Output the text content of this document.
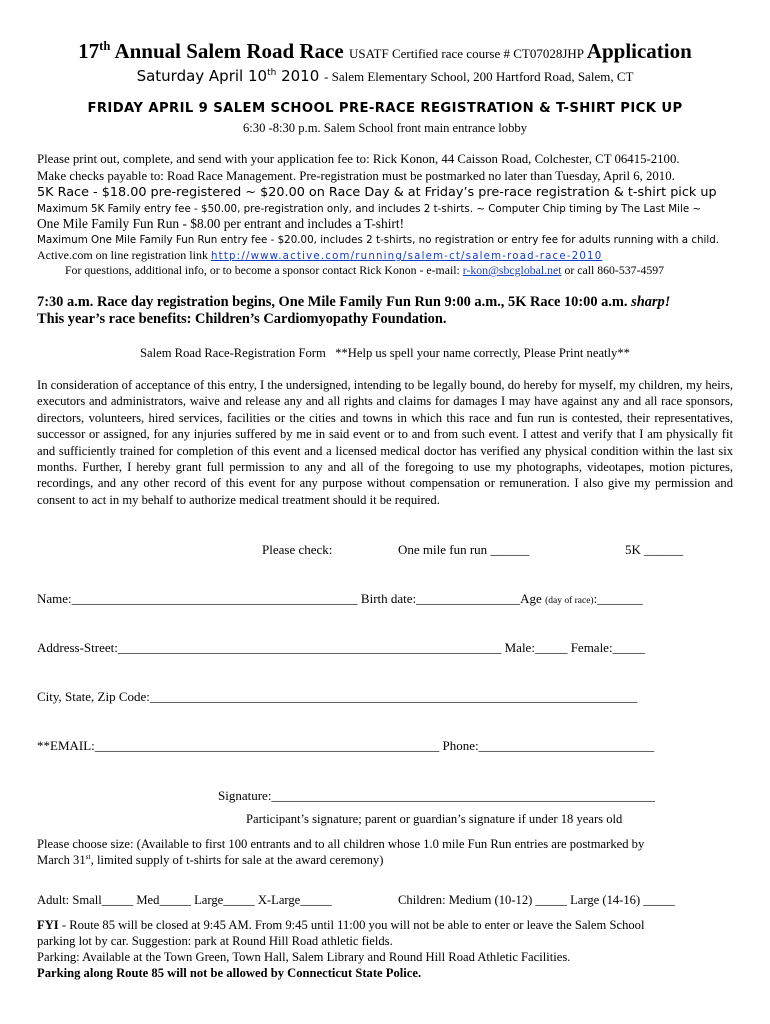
17th Annual Salem Road Race USATF Certified race course # CT07028JHP Application
Saturday April 10th 2010 - Salem Elementary School, 200 Hartford Road, Salem, CT
FRIDAY APRIL 9 SALEM SCHOOL PRE-RACE REGISTRATION & T-SHIRT PICK UP
6:30 -8:30 p.m. Salem School front main entrance lobby
Please print out, complete, and send with your application fee to: Rick Konon, 44 Caisson Road, Colchester, CT 06415-2100.
Make checks payable to: Road Race Management. Pre-registration must be postmarked no later than Tuesday, April 6, 2010.
5K Race - $18.00 pre-registered ~ $20.00 on Race Day & at Friday’s pre-race registration & t-shirt pick up
Maximum 5K Family entry fee - $50.00, pre-registration only, and includes 2 t-shirts. ~ Computer Chip timing by The Last Mile ~
One Mile Family Fun Run - $8.00 per entrant and includes a T-shirt!
Maximum One Mile Family Fun Run entry fee - $20.00, includes 2 t-shirts, no registration or entry fee for adults running with a child.
Active.com on line registration link http://www.active.com/running/salem-ct/salem-road-race-2010
For questions, additional info, or to become a sponsor contact Rick Konon - e-mail: r-kon@sbcglobal.net or call 860-537-4597
7:30 a.m. Race day registration begins, One Mile Family Fun Run 9:00 a.m., 5K Race 10:00 a.m. sharp!
This year’s race benefits: Children’s Cardiomyopathy Foundation.
Salem Road Race-Registration Form   **Help us spell your name correctly, Please Print neatly**
In consideration of acceptance of this entry, I the undersigned, intending to be legally bound, do hereby for myself, my children, my heirs, executors and administrators, waive and release any and all rights and claims for damages I may have against any and all race sponsors, directors, volunteers, hired services, facilities or the cities and towns in which this race and fun run is contested, their representatives, successor or assigned, for any injuries suffered by me in said event or to and from such event. I attest and verify that I am physically fit and sufficiently trained for completion of this event and a licensed medical doctor has verified any physical condition within the last six months. Further, I hereby grant full permission to any and all of the foregoing to use my photographs, videotapes, motion pictures, recordings, and any other record of this event for any purpose without compensation or remuneration. I also give my permission and consent to act in my behalf to authorize medical treatment should it be required.
Please check:	One mile fun run ______	5K ______
Name:____________________________________________ Birth date:________________Age (day of race):_______
Address-Street:___________________________________________________________ Male:_____ Female:_____
City, State, Zip Code:___________________________________________________________________________
**EMAIL:_____________________________________________________ Phone:___________________________
Signature:___________________________________________________________
Participant’s signature; parent or guardian’s signature if under 18 years old
Please choose size: (Available to first 100 entrants and to all children whose 1.0 mile Fun Run entries are postmarked by
March 31st, limited supply of t-shirts for sale at the award ceremony)
Adult: Small_____ Med_____ Large_____ X-Large_____	Children: Medium (10-12) _____ Large (14-16) _____
FYI - Route 85 will be closed at 9:45 AM. From 9:45 until 11:00 you will not be able to enter or leave the Salem School
parking lot by car. Suggestion: park at Round Hill Road athletic fields.
Parking: Available at the Town Green, Town Hall, Salem Library and Round Hill Road Athletic Facilities.
Parking along Route 85 will not be allowed by Connecticut State Police.
